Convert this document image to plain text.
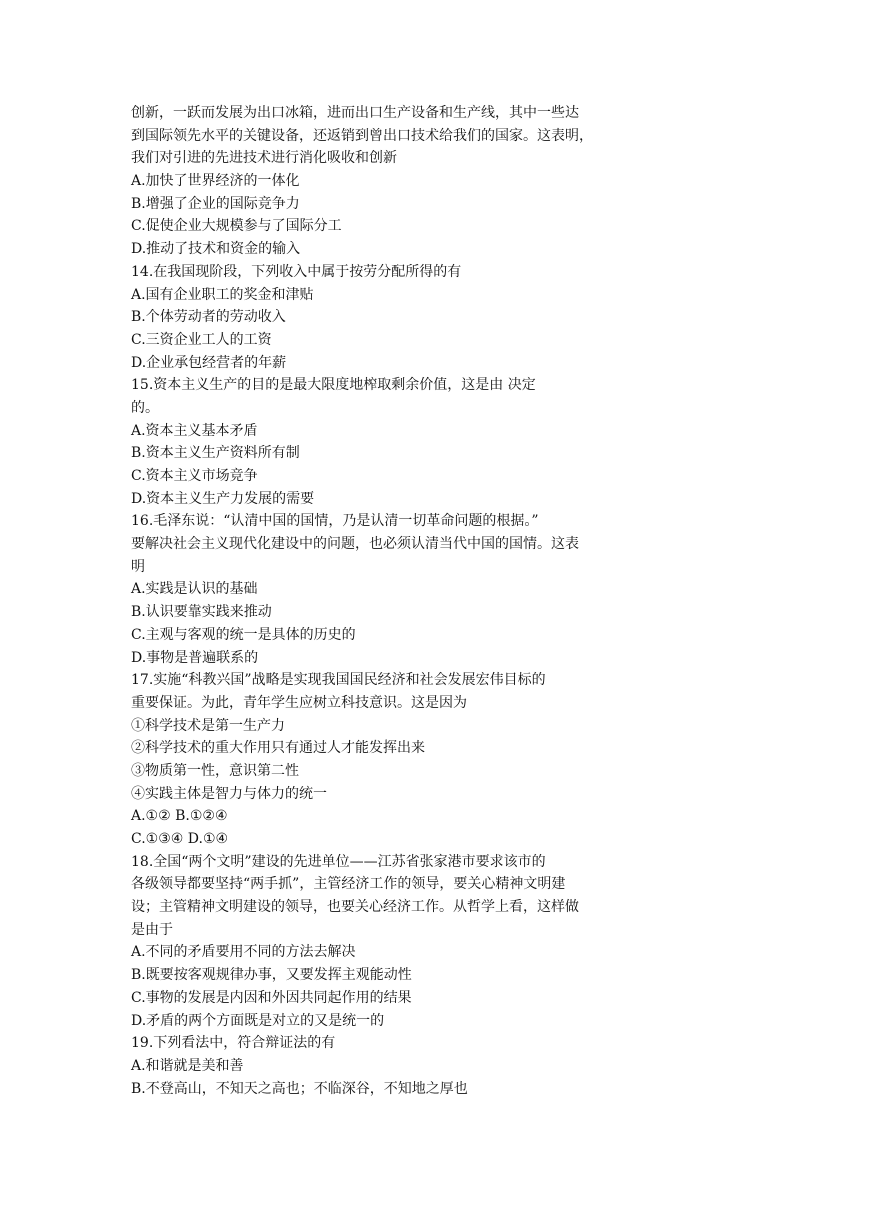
创新，一跃而发展为出口冰箱，进而出口生产设备和生产线，其中一些达
到国际领先水平的关键设备，还返销到曾出口技术给我们的国家。这表明，
我们对引进的先进技术进行消化吸收和创新
A.加快了世界经济的一体化
B.增强了企业的国际竞争力
C.促使企业大规模参与了国际分工
D.推动了技术和资金的输入
14.在我国现阶段，下列收入中属于按劳分配所得的有
A.国有企业职工的奖金和津贴
B.个体劳动者的劳动收入
C.三资企业工人的工资
D.企业承包经营者的年薪
15.资本主义生产的目的是最大限度地榨取剩余价值，这是由 决定
的。
A.资本主义基本矛盾
B.资本主义生产资料所有制
C.资本主义市场竞争
D.资本主义生产力发展的需要
16.毛泽东说：“认清中国的国情，乃是认清一切革命问题的根据。”
要解决社会主义现代化建设中的问题，也必须认清当代中国的国情。这表
明
A.实践是认识的基础
B.认识要靠实践来推动
C.主观与客观的统一是具体的历史的
D.事物是普遍联系的
17.实施“科教兴国”战略是实现我国国民经济和社会发展宏伟目标的
重要保证。为此，青年学生应树立科技意识。这是因为
①科学技术是第一生产力
②科学技术的重大作用只有通过人才能发挥出来
③物质第一性，意识第二性
④实践主体是智力与体力的统一
A.①② B.①②④
C.①③④ D.①④
18.全国“两个文明”建设的先进单位——江苏省张家港市要求该市的
各级领导都要坚持“两手抓”，主管经济工作的领导，要关心精神文明建
设；主管精神文明建设的领导，也要关心经济工作。从哲学上看，这样做
是由于
A.不同的矛盾要用不同的方法去解决
B.既要按客观规律办事，又要发挥主观能动性
C.事物的发展是内因和外因共同起作用的结果
D.矛盾的两个方面既是对立的又是统一的
19.下列看法中，符合辩证法的有
A.和谐就是美和善
B.不登高山，不知天之高也；不临深谷，不知地之厚也
